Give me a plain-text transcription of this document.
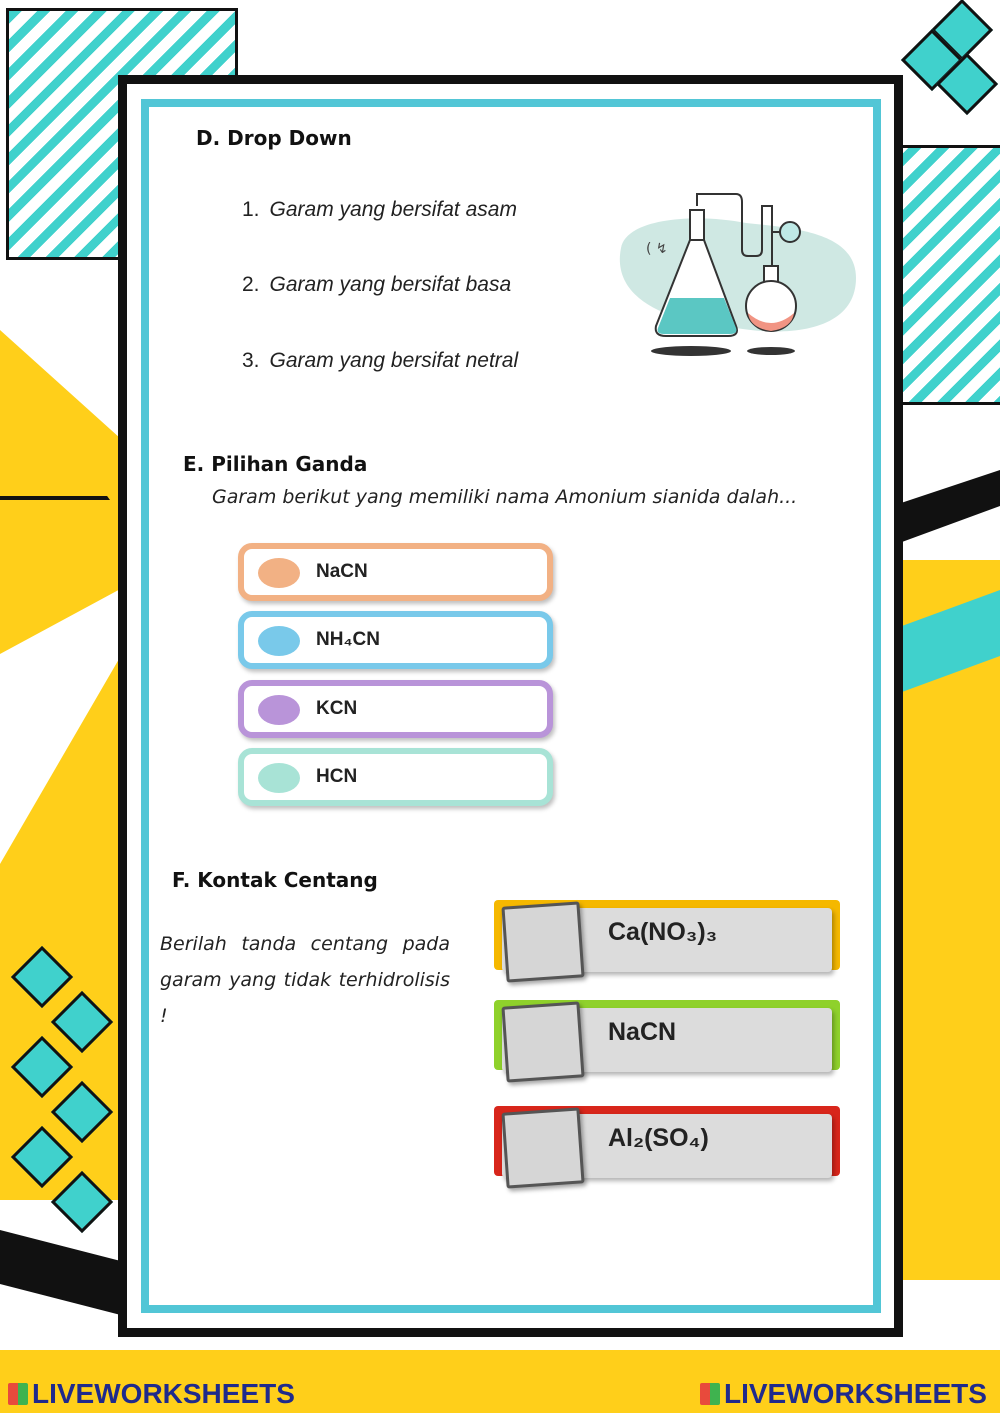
D. Drop Down
1. Garam yang bersifat asam
2. Garam yang bersifat basa
3. Garam yang bersifat netral
( ↯
E. Pilihan Ganda
Garam berikut yang memiliki nama Amonium sianida dalah...
NaCN
NH₄CN
KCN
HCN
F. Kontak Centang
Berilah tanda centang pada garam yang tidak terhidrolisis !
Ca(NO₃)₃
NaCN
Al₂(SO₄)
LIVEWORKSHEETS	LIVEWORKSHEETS
